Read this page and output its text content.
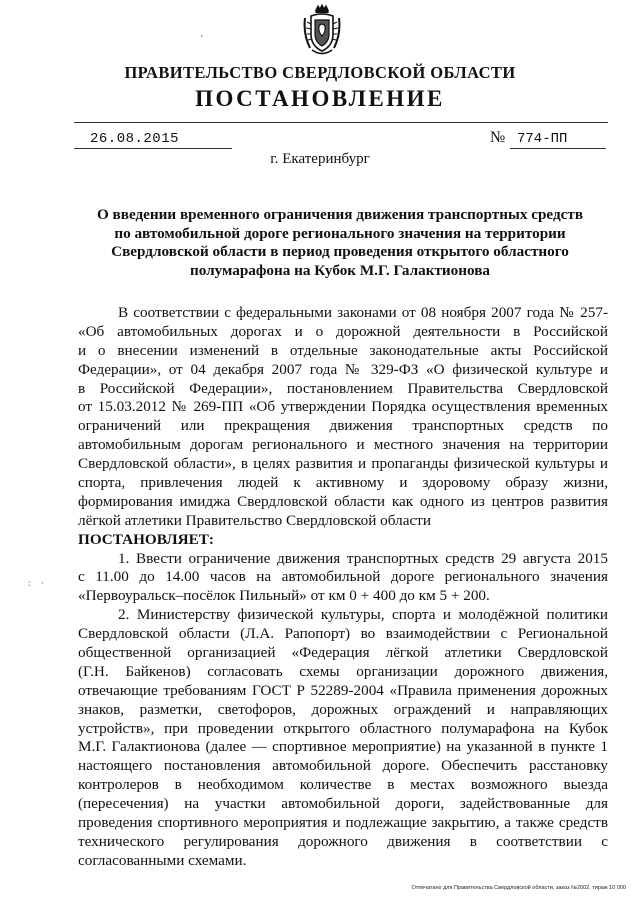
ʼ
ПРАВИТЕЛЬСТВО СВЕРДЛОВСКОЙ ОБЛАСТИ
ПОСТАНОВЛЕНИЕ
26.08.2015	№ 774-ПП
г. Екатеринбург
О введении временного ограничения движения транспортных средств
по автомобильной дороге регионального значения на территории
Свердловской области в период проведения открытого областного
полумарафона на Кубок М.Г. Галактионова
В соответствии с федеральными законами от 08 ноября 2007 года № 257-
«Об автомобильных дорогах и о дорожной деятельности в Российской
и о внесении изменений в отдельные законодательные акты Российской
Федерации», от 04 декабря 2007 года № 329-ФЗ «О физической культуре и
в Российской Федерации», постановлением Правительства Свердловской
от 15.03.2012 № 269-ПП «Об утверждении Порядка осуществления временных
ограничений или прекращения движения транспортных средств по
автомобильным дорогам регионального и местного значения на территории
Свердловской области», в целях развития и пропаганды физической культуры и
спорта, привлечения людей к активному и здоровому образу жизни,
формирования имиджа Свердловской области как одного из центров развития
лёгкой атлетики Правительство Свердловской области
ПОСТАНОВЛЯЕТ:
1. Ввести ограничение движения транспортных средств 29 августа 2015
с 11.00 до 14.00 часов на автомобильной дороге регионального значения
«Первоуральск–посёлок Пильный» от км 0 + 400 до км 5 + 200.
2. Министерству физической культуры, спорта и молодёжной политики
Свердловской области (Л.А. Рапопорт) во взаимодействии с Региональной
общественной организацией «Федерация лёгкой атлетики Свердловской
(Г.Н. Байкенов) согласовать схемы организации дорожного движения,
отвечающие требованиям ГОСТ Р 52289-2004 «Правила применения дорожных
знаков, разметки, светофоров, дорожных ограждений и направляющих
устройств», при проведении открытого областного полумарафона на Кубок
М.Г. Галактионова (далее — спортивное мероприятие) на указанной в пункте 1
настоящего постановления автомобильной дороге. Обеспечить расстановку
контролеров в необходимом количестве в местах возможного выезда
(пересечения) на участки автомобильной дороги, задействованные для
проведения спортивного мероприятия и подлежащие закрытию, а также средств
технического регулирования дорожного движения в соответствии с
согласованными схемами.
: ·
Отпечатано для Правительства Свердловской области, заказ №2002, тираж 10 000
